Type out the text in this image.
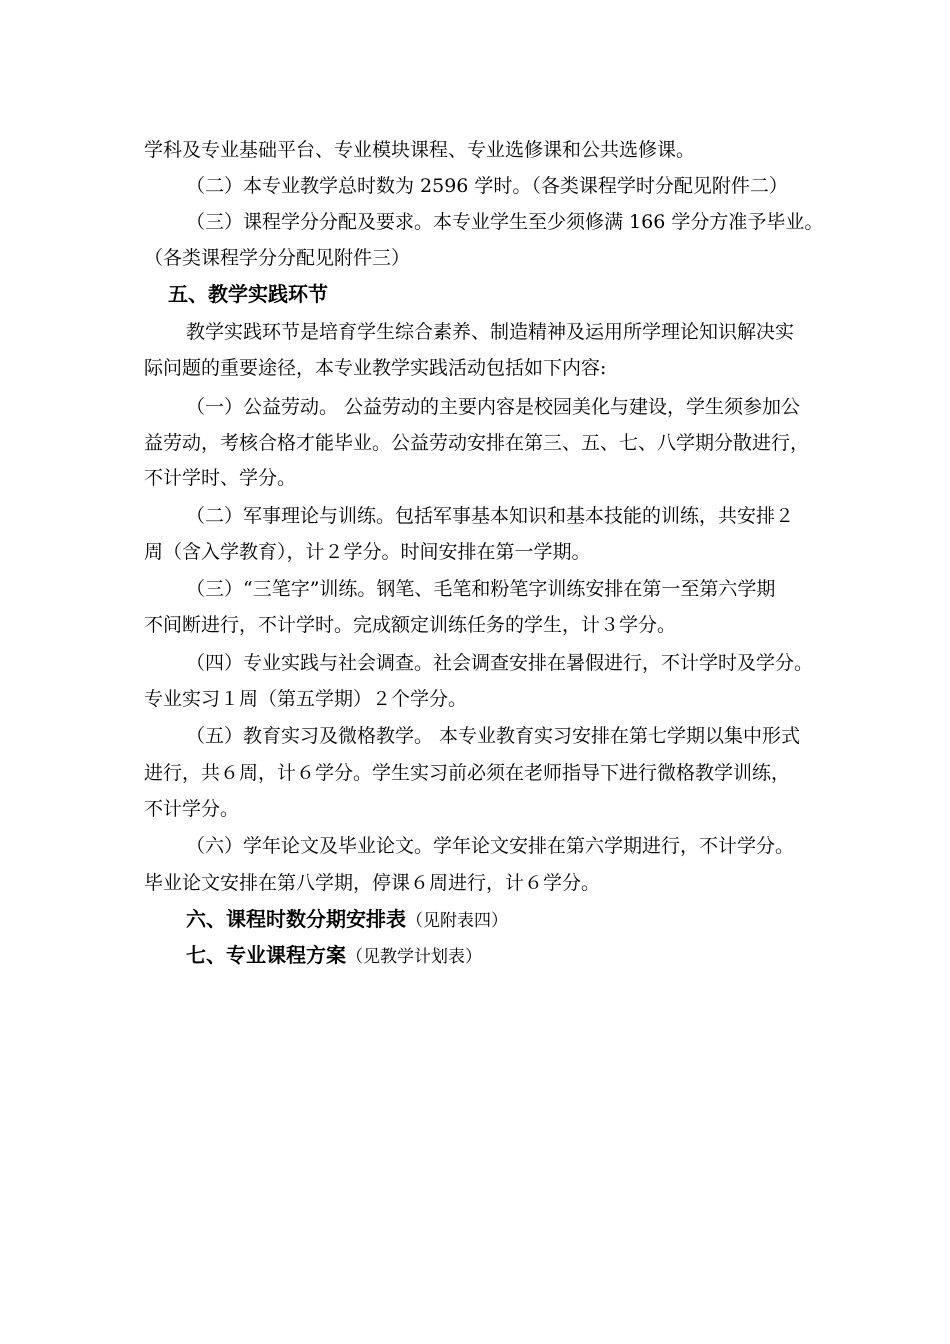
学科及专业基础平台、专业模块课程、专业选修课和公共选修课。
（二）本专业教学总时数为 2596 学时。（各类课程学时分配见附件二）
（三）课程学分分配及要求。本专业学生至少须修满 166 学分方准予毕业。
（各类课程学分分配见附件三）
五、教学实践环节
教学实践环节是培育学生综合素养、制造精神及运用所学理论知识解决实
际问题的重要途径，本专业教学实践活动包括如下内容:
（一）公益劳动。 公益劳动的主要内容是校园美化与建设，学生须参加公
益劳动，考核合格才能毕业。公益劳动安排在第三、五、七、八学期分散进行，
不计学时、学分。
（二）军事理论与训练。包括军事基本知识和基本技能的训练，共安排２
周（含入学教育），计２学分。时间安排在第一学期。
（三）“三笔字”训练。钢笔、毛笔和粉笔字训练安排在第一至第六学期
不间断进行，不计学时。完成额定训练任务的学生，计３学分。
（四）专业实践与社会调查。社会调查安排在暑假进行，不计学时及学分。
专业实习１周（第五学期）２个学分。
（五）教育实习及微格教学。 本专业教育实习安排在第七学期以集中形式
进行，共６周，计６学分。学生实习前必须在老师指导下进行微格教学训练，
不计学分。
（六）学年论文及毕业论文。学年论文安排在第六学期进行，不计学分。
毕业论文安排在第八学期，停课６周进行，计６学分。
六、课程时数分期安排表（见附表四）
七、专业课程方案（见教学计划表）
